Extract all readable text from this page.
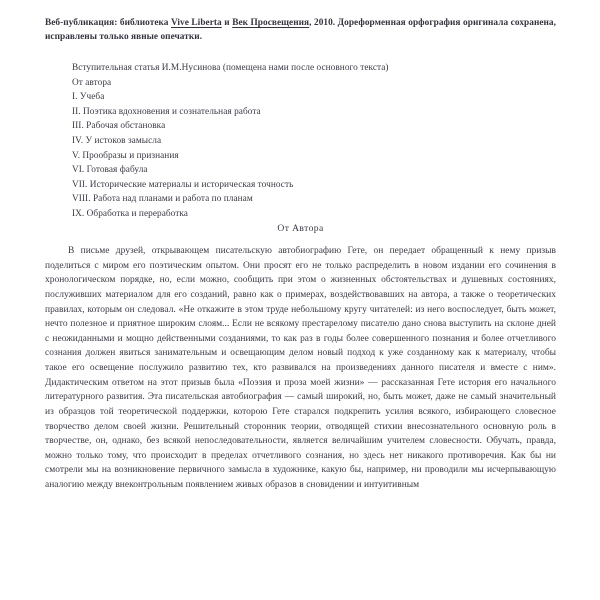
Веб-публикация: библиотека Vive Liberta и Век Просвещения, 2010. Дореформенная орфография оригинала сохранена, исправлены только явные опечатки.
Вступительная статья И.М.Нусинова (помещена нами после основного текста)
От автора
I. Учеба
II. Поэтика вдохновения и сознательная работа
III. Рабочая обстановка
IV. У истоков замысла
V. Прообразы и признания
VI. Готовая фабула
VII. Исторические материалы и историческая точность
VIII. Работа над планами и работа по планам
IX. Обработка и переработка
От Автора

В письме друзей, открывающем писательскую автобиографию Гете, он передает обращенный к нему призыв поделиться с миром его поэтическим опытом. Они просят его не только распределить в новом издании его сочинения в хронологическом порядке, но, если можно, сообщить при этом о жизненных обстоятельствах и душевных состояниях, послуживших материалом для его созданий, равно как о примерах, воздействовавших на автора, а также о теоретических правилах, которым он следовал. «Не откажите в этом труде небольшому кругу читателей: из него воспоследует, быть может, нечто полезное и приятное широким слоям... Если не всякому престарелому писателю дано снова выступить на склоне дней с неожиданными и мощно действенными созданиями, то как раз в годы более совершенного познания и более отчетливого сознания должен явиться занимательным и освещающим делом новый подход к уже созданному как к материалу, чтобы такое его освещение послужило развитию тех, кто развивался на произведениях данного писателя и вместе с ним». Дидактическим ответом на этот призыв была «Поэзия и проза моей жизни» — рассказанная Гете история его начального литературного развития. Эта писательская автобиография — самый широкий, но, быть может, даже не самый значительный из образцов той теоретической поддержки, которою Гете старался подкрепить усилия всякого, избирающего словесное творчество делом своей жизни. Решительный сторонник теории, отводящей стихии внесознательного основную роль в творчестве, он, однако, без всякой непоследовательности, является величайшим учителем словесности. Обучать, правда, можно только тому, что происходит в пределах отчетливого сознания, но здесь нет никакого противоречия. Как бы ни смотрели мы на возникновение первичного замысла в художнике, какую бы, например, ни проводили мы исчерпывающую аналогию между внеконтрольным появлением живых образов в сновидении и интуитивным
